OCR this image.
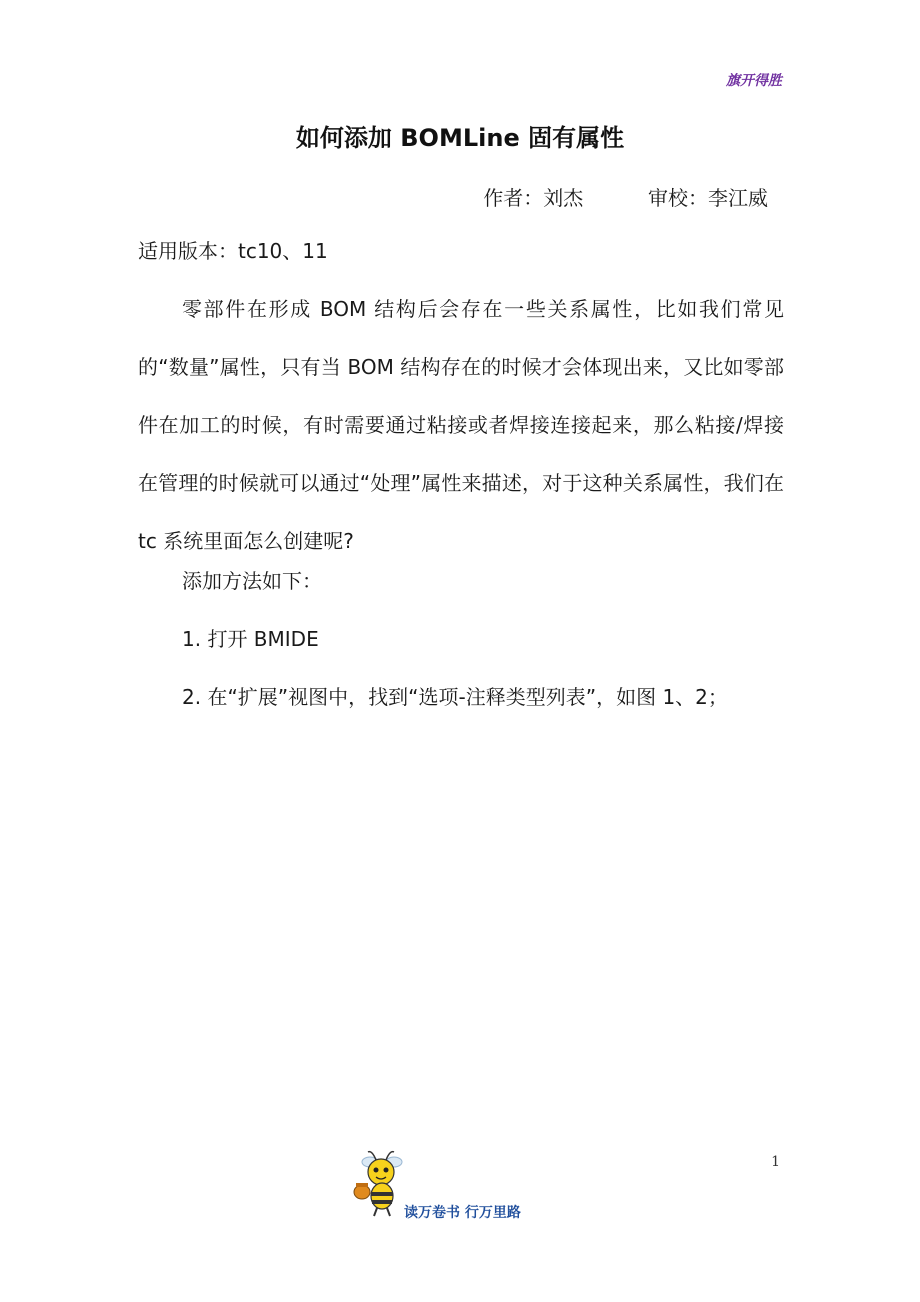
旗开得胜
如何添加 BOMLine 固有属性
作者：刘杰	审校：李江威
适用版本：tc10、11
零部件在形成 BOM 结构后会存在一些关系属性，比如我们常见的“数量”属性，只有当 BOM 结构存在的时候才会体现出来，又比如零部件在加工的时候，有时需要通过粘接或者焊接连接起来，那么粘接/焊接在管理的时候就可以通过“处理”属性来描述，对于这种关系属性，我们在 tc 系统里面怎么创建呢?
添加方法如下：
1. 打开 BMIDE
2. 在“扩展”视图中，找到“选项-注释类型列表”，如图 1、2；
1
读万卷书 行万里路
